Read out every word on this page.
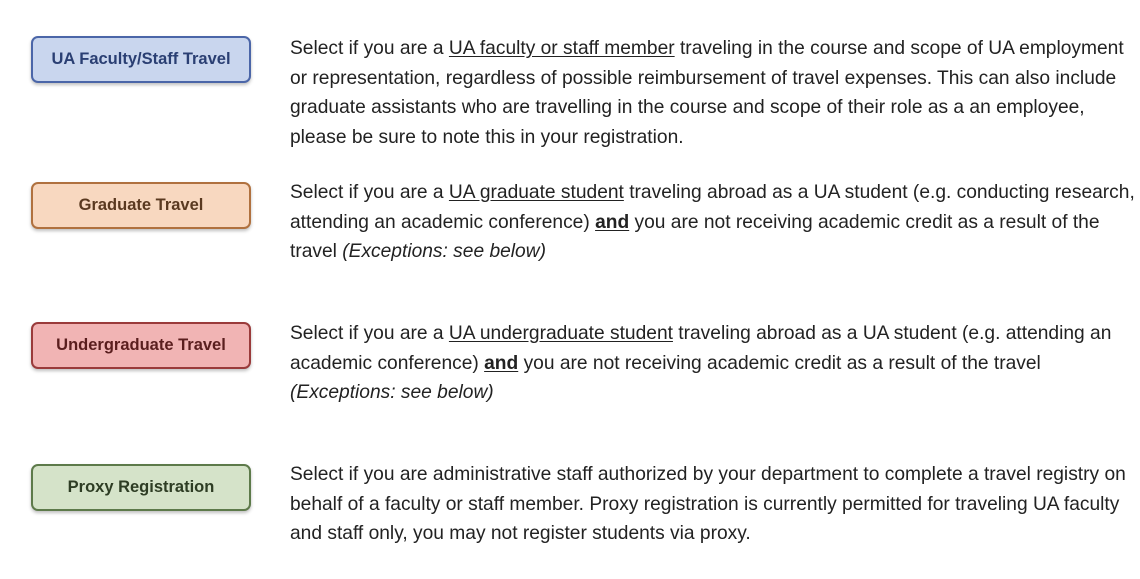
UA Faculty/Staff Travel	Select if you are a UA faculty or staff member traveling in the course and scope of UA employment or representation, regardless of possible reimbursement of travel expenses. This can also include graduate assistants who are travelling in the course and scope of their role as a an employee, please be sure to note this in your registration.

Graduate Travel

Select if you are a UA graduate student traveling abroad as a UA student (e.g. conducting research, attending an academic conference) and you are not receiving academic credit as a result of the travel (Exceptions: see below)

Undergraduate Travel

Select if you are a UA undergraduate student traveling abroad as a UA student (e.g. attending an academic conference) and you are not receiving academic credit as a result of the travel (Exceptions: see below)

Proxy Registration

Select if you are administrative staff authorized by your department to complete a travel registry on behalf of a faculty or staff member. Proxy registration is currently permitted for traveling UA faculty and staff only, you may not register students via proxy.
